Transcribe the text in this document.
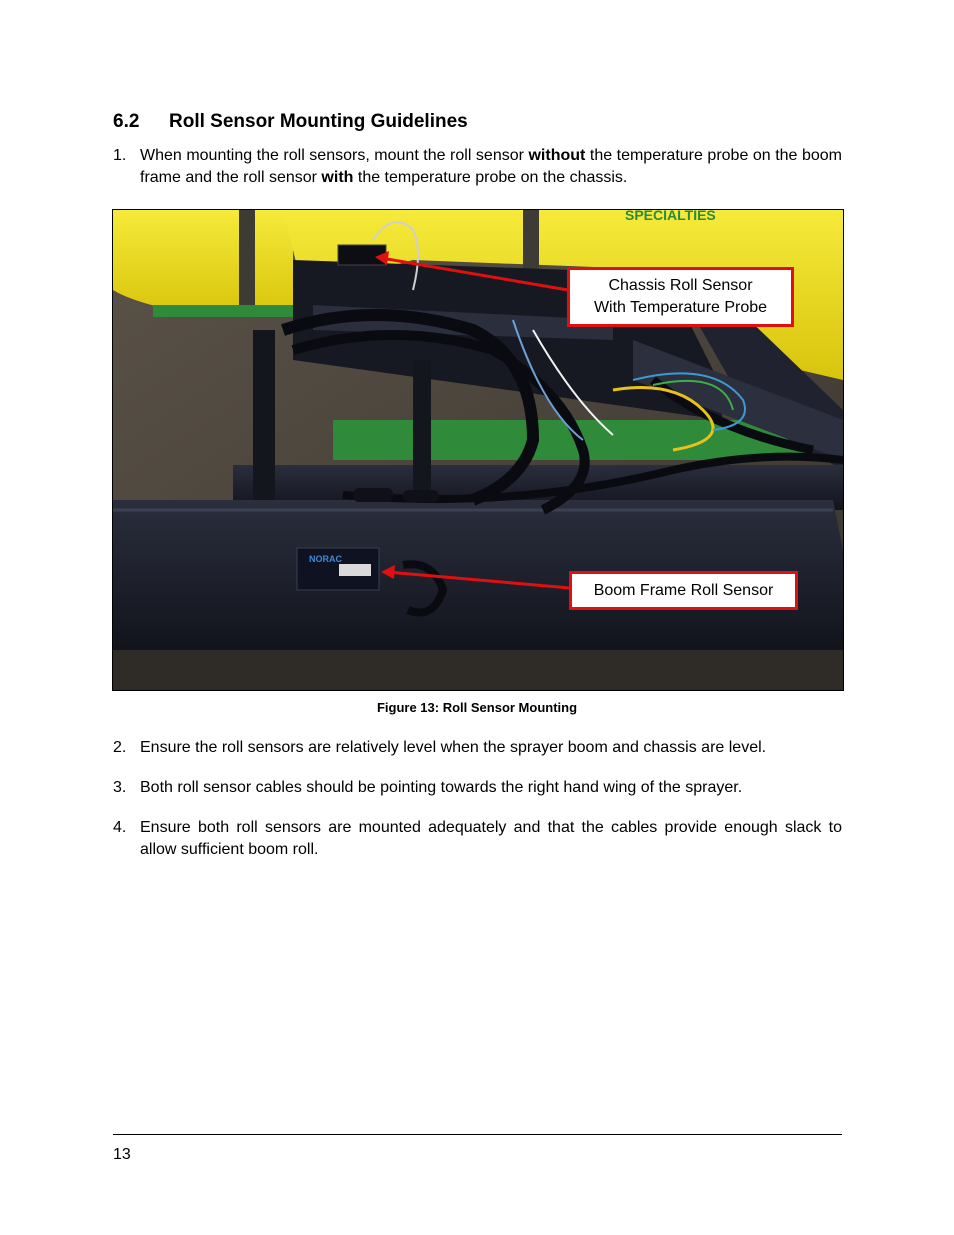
6.2 Roll Sensor Mounting Guidelines
1. When mounting the roll sensors, mount the roll sensor without the temperature probe on the boom frame and the roll sensor with the temperature probe on the chassis.
SPECIALTIES
NORAC
Chassis Roll Sensor
With Temperature Probe
Boom Frame Roll Sensor
Figure 13: Roll Sensor Mounting
2. Ensure the roll sensors are relatively level when the sprayer boom and chassis are level.
3. Both roll sensor cables should be pointing towards the right hand wing of the sprayer.
4. Ensure both roll sensors are mounted adequately and that the cables provide enough slack to allow sufficient boom roll.
13
